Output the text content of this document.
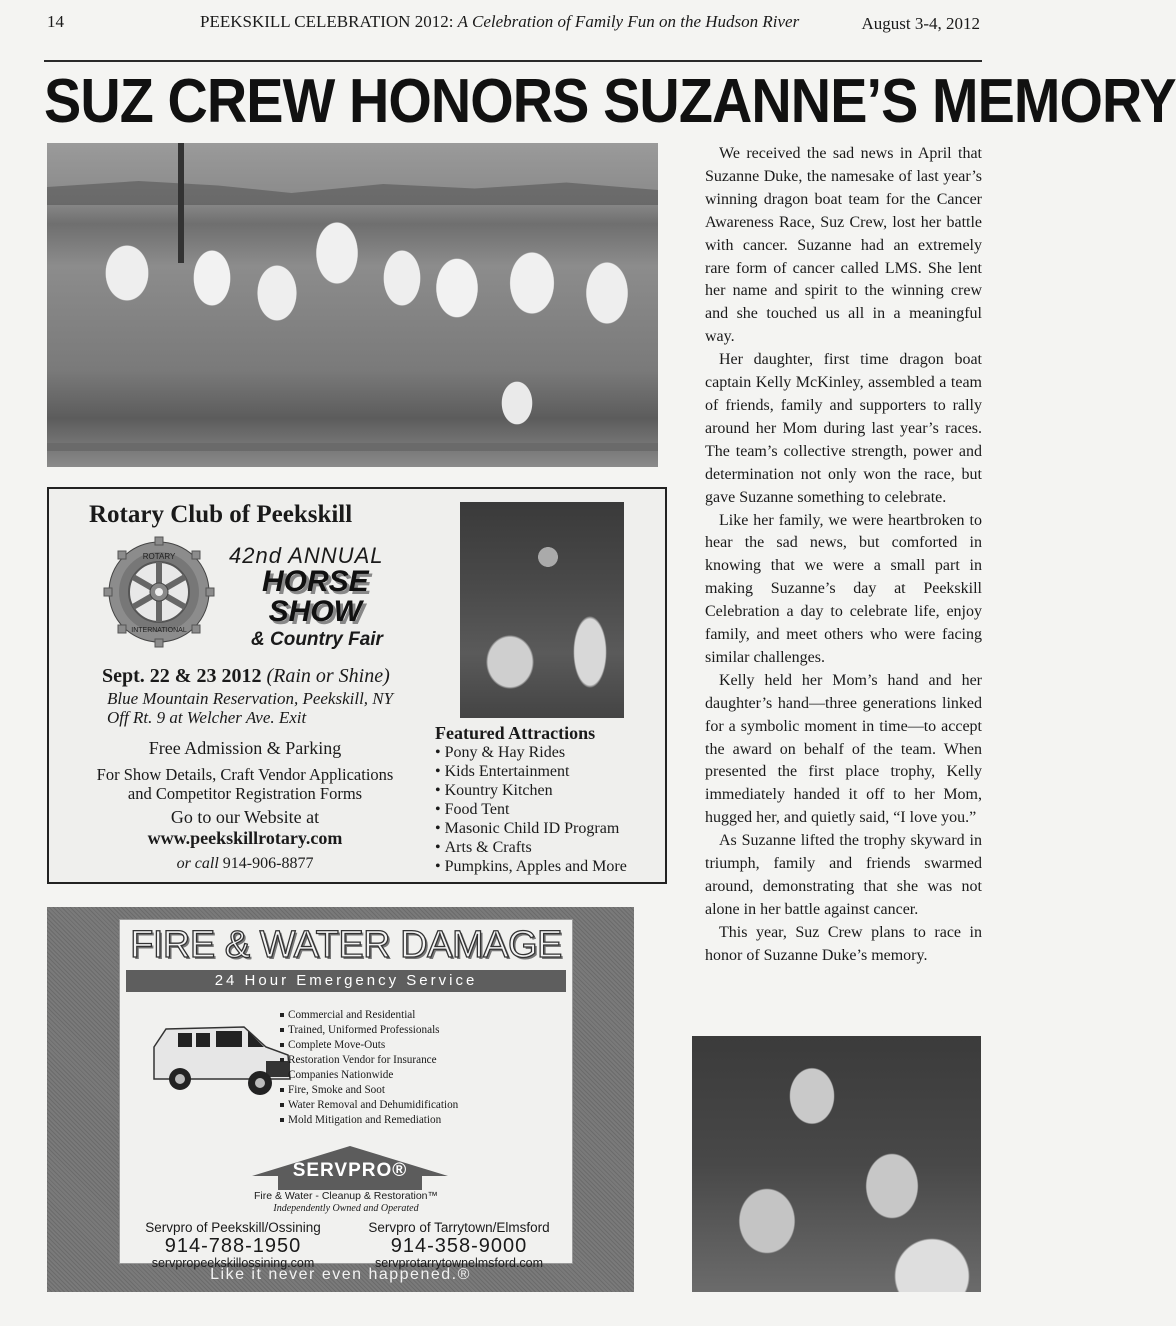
14	PEEKSKILL CELEBRATION 2012: A Celebration of Family Fun on the Hudson River	August 3-4, 2012
SUZ CREW HONORS SUZANNE’S MEMORY
Rotary Club of Peekskill
ROTARY
INTERNATIONAL
42nd ANNUAL
HORSE
SHOW
& Country Fair
Sept. 22 & 23 2012 (Rain or Shine)
Blue Mountain Reservation, Peekskill, NY
Off Rt. 9 at Welcher Ave. Exit
Free Admission & Parking
For Show Details, Craft Vendor Applications
and Competitor Registration Forms
Go to our Website at
www.peekskillrotary.com
or call 914-906-8877
Featured Attractions
• Pony & Hay Rides
• Kids Entertainment
• Kountry Kitchen
• Food Tent
• Masonic Child ID Program
• Arts & Crafts
• Pumpkins, Apples and More
FIRE & WATER DAMAGE
24 Hour Emergency Service
Commercial and Residential
Trained, Uniformed Professionals
Complete Move-Outs
Restoration Vendor for Insurance Companies Nationwide
Fire, Smoke and Soot
Water Removal and Dehumidification
Mold Mitigation and Remediation
SERVPRO®
Fire & Water - Cleanup & Restoration™
Independently Owned and Operated
Servpro of Peekskill/Ossining
914-788-1950
servpropeekskillossining.com
Servpro of Tarrytown/Elmsford
914-358-9000
servprotarrytownelmsford.com
Like it never even happened.®

We received the sad news in April that Suzanne Duke, the namesake of last year’s winning dragon boat team for the Cancer Awareness Race, Suz Crew, lost her battle with cancer. Suzanne had an extremely rare form of cancer called LMS. She lent her name and spirit to the winning crew and she touched us all in a meaningful way.

Her daughter, first time dragon boat captain Kelly McKinley, assembled a team of friends, family and supporters to rally around her Mom during last year’s races. The team’s collective strength, power and determination not only won the race, but gave Suzanne something to celebrate.

Like her family, we were heartbroken to hear the sad news, but comforted in knowing that we were a small part in making Suzanne’s day at Peekskill Celebration a day to celebrate life, enjoy family, and meet others who were facing similar challenges.

Kelly held her Mom’s hand and her daughter’s hand—three generations linked for a symbolic moment in time—to accept the award on behalf of the team. When presented the first place trophy, Kelly immediately handed it off to her Mom, hugged her, and quietly said, “I love you.”

As Suzanne lifted the trophy skyward in triumph, family and friends swarmed around, demonstrating that she was not alone in her battle against cancer.

This year, Suz Crew plans to race in honor of Suzanne Duke’s memory.
